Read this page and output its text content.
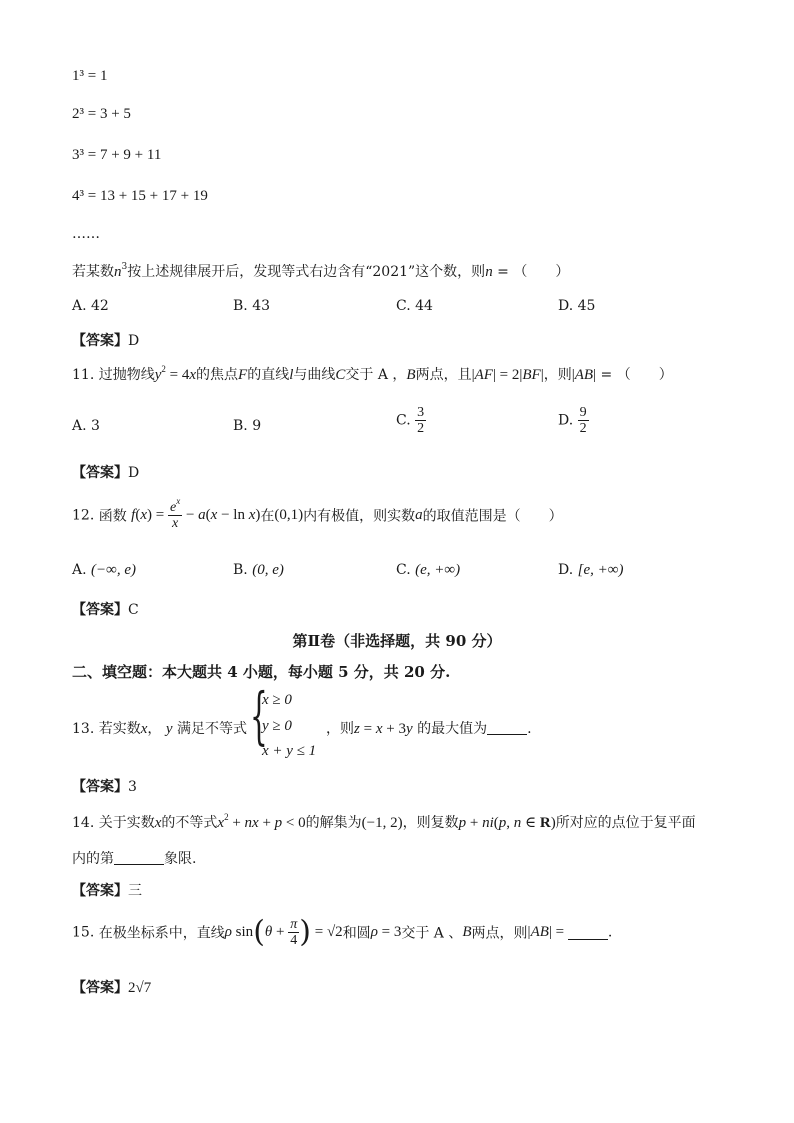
1³ = 1
2³ = 3 + 5
3³ = 7 + 9 + 11
4³ = 13 + 15 + 17 + 19
……
若某数$n^3$按上述规律展开后，发现等式右边含有“2021”这个数，则n = （　　）
A. 42	B. 43	C. 44	D. 45
【答案】D
11. 过抛物线$y^2 = 4x$的焦点F的直线l与曲线C交于 A ，B两点，且|AF| = 2|BF|，则|AB| = （　　）
A. 3	B. 9	C. $\frac{3}{2}$	D. $\frac{9}{2}$
【答案】D
12. 函数 $f(x) = \frac{e^x}{x} - a(x - \ln x)$在(0,1)内有极值，则实数a的取值范围是（　　）
A. (−∞, e)	B. (0, e)	C. (e, +∞)	D. [e, +∞)
【答案】C
第Ⅱ卷（非选择题，共 90 分）
二、填空题：本大题共 4 小题，每小题 5 分，共 20 分.
13. 若实数x， y 满足不等式 {
x ≥ 0
y ≥ 0
x + y ≤ 1
，则z = x + 3y 的最大值为	.
【答案】3
14. 关于实数x的不等式$x^2$ + nx + p < 0的解集为(−1, 2)，则复数p + ni(p, n ∈ R)所对应的点位于复平面
内的第	象限.
【答案】三
15. 在极坐标系中，直线ρ $\sin(\theta + \frac{\pi}{4}$ ) = √2和圆ρ = 3交于 A 、B两点，则|AB| =	.
【答案】2√7
